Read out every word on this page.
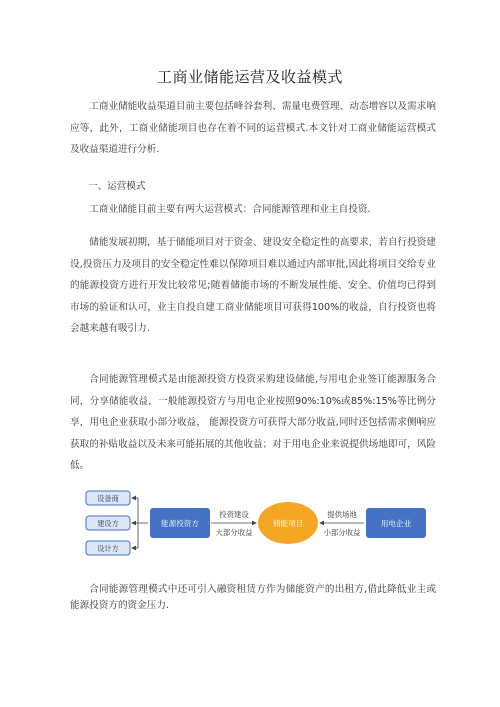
工商业储能运营及收益模式

工商业储能收益渠道目前主要包括峰谷套利、需量电费管理、动态增容以及需求响应等，此外，工商业储能项目也存在着不同的运营模式.本文针对工商业储能运营模式及收益渠道进行分析.

一、运营模式

工商业储能目前主要有两大运营模式：合同能源管理和业主自投资.

储能发展初期，基于储能项目对于资金、建设安全稳定性的高要求，若自行投资建设,投资压力及项目的安全稳定性难以保障项目难以通过内部审批,因此将项目交给专业的能源投资方进行开发比较常见;随着储能市场的不断发展性能、安全、价值均已得到市场的验证和认可，业主自投自建工商业储能项目可获得100%的收益，自行投资也将会越来越有吸引力.

合同能源管理模式是由能源投资方投资采购建设储能,与用电企业签订能源服务合同，分享储能收益，一般能源投资方与用电企业按照90%:10%或85%:15%等比例分享，用电企业获取小部分收益， 能源投资方可获得大部分收益,同时还包括需求侧响应获取的补贴收益以及未来可能拓展的其他收益；对于用电企业来说提供场地即可，风险低。

设备商
建设方
设计方
能源投资方
投资建设
大部分收益
储能项目
提供场地
小部分收益
用电企业

合同能源管理模式中还可引入融资租赁方作为储能资产的出租方,借此降低业主或能源投资方的资金压力.
